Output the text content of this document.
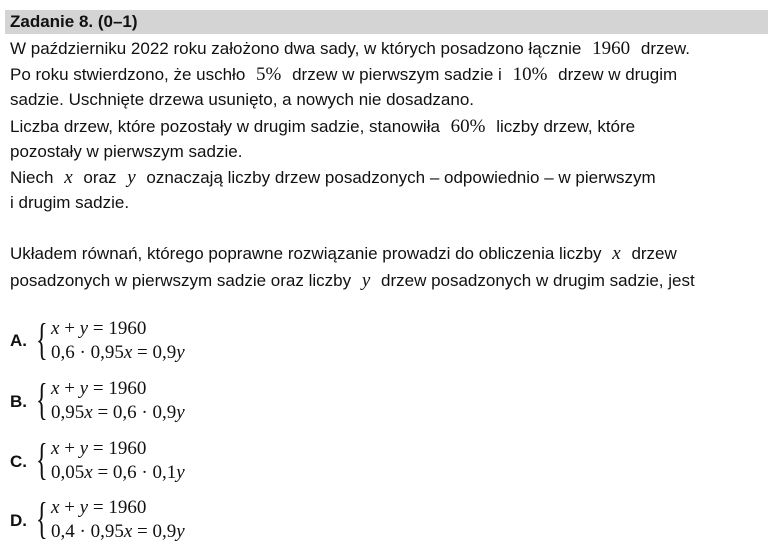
Zadanie 8. (0–1)
W październiku 2022 roku założono dwa sady, w których posadzono łącznie 1960 drzew.
Po roku stwierdzono, że uschło 5% drzew w pierwszym sadzie i 10% drzew w drugim
sadzie. Uschnięte drzewa usunięto, a nowych nie dosadzano.
Liczba drzew, które pozostały w drugim sadzie, stanowiła 60% liczby drzew, które
pozostały w pierwszym sadzie.
Niech x oraz y oznaczają liczby drzew posadzonych – odpowiednio – w pierwszym
i drugim sadzie.
Układem równań, którego poprawne rozwiązanie prowadzi do obliczenia liczby x drzew
posadzonych w pierwszym sadzie oraz liczby y drzew posadzonych w drugim sadzie, jest
A. { x + y = 1960
0,6 · 0,95x = 0,9y
B. { x + y = 1960
0,95x = 0,6 · 0,9y
C. { x + y = 1960
0,05x = 0,6 · 0,1y
D. { x + y = 1960
0,4 · 0,95x = 0,9y
